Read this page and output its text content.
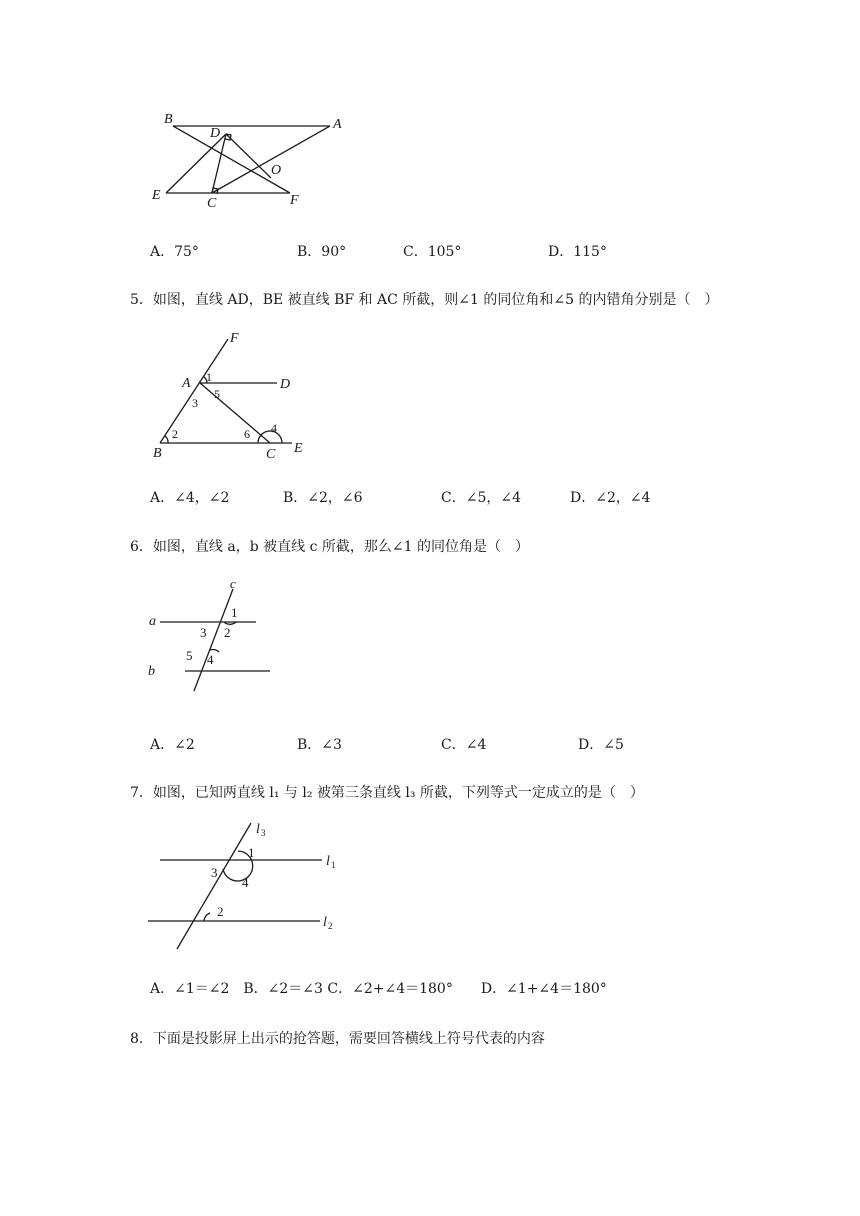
B	A
D
O
E
C	F
A．75°	B．90°	C．105°	D．115°
5．如图，直线 AD，BE 被直线 BF 和 AC 所截，则∠1 的同位角和∠5 的内错角分别是（　）
F
A	D
B	C E
1
2
3
4
5
6
A．∠4，∠2	B．∠2，∠6	C．∠5，∠4	D．∠2，∠4
6．如图，直线 a，b 被直线 c 所截，那么∠1 的同位角是（　）
c
a
b
1
2
3
4
5
A．∠2	B．∠3	C．∠4	D．∠5
7．如图，已知两直线 l₁ 与 l₂ 被第三条直线 l₃ 所截，下列等式一定成立的是（　）
l 3
l 1
l 2
1
2
3
4
A．∠1＝∠2　B．∠2＝∠3 C．∠2+∠4＝180°　　D．∠1+∠4＝180°
8．下面是投影屏上出示的抢答题，需要回答横线上符号代表的内容
